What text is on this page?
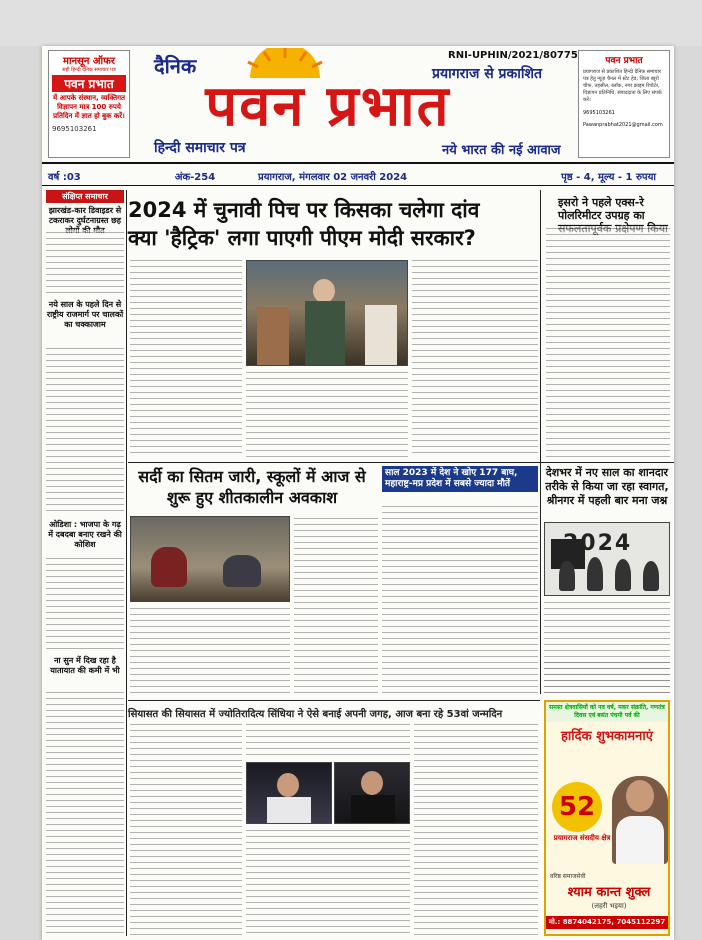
मानसून ऑफर
सही हिन्दी दैनिक समाचार पत्र
पवन प्रभात
में आपके संस्थान, व्यक्तिगत विज्ञापन मात्र 100 रुपये प्रतिदिन में ज्ञात हो बुक करें।
9695103261
दैनिक
पवन प्रभात
हिन्दी समाचार पत्र
RNI-UPHIN/2021/80775
प्रयागराज से प्रकाशित
नये भारत की नई आवाज
पवन प्रभात
प्रयागराज से प्रकाशित हिन्दी दैनिक समाचार पत्र हेतु न्यूज़ चैनल में स्टेट हेड, जिला ब्यूरो चीफ, तहसील, ब्लॉक, नगर क्राइम रिपोर्टर, विज्ञापन प्रतिनिधि, संवाददाता के लिए संपर्क करें।
9695103261
Pawanprabhat2021@gmail.com
वर्ष :03	अंक-254	प्रयागराज, मंगलवार 02 जनवरी 2024	पृष्ठ - 4, मूल्य - 1 रुपया
संक्षिप्त समाचार
झारखंड-कार डिवाइडर से टकराकर दुर्घटनाग्रस्त छह
नये साल के पहले दिन से राष्ट्रीय राजमार्ग पर चालकों का चक्काजाम
ओडिशा : भाजपा के गढ़ में दबदबा बनाए रखने की कोशिश
ना सुन में दिख रहा है यातायात की कमी में भी
2024 में चुनावी पिच पर किसका चलेगा दांव
क्या 'हैट्रिक' लगा पाएगी पीएम मोदी सरकार?
इसरो ने पहले एक्स-रे पोलरिमीटर उपग्रह का
सर्दी का सितम जारी, स्कूलों में आज से शुरू हुए शीतकालीन अवकाश
साल 2023 में देश ने खोए 177 बाघ, महाराष्ट्र-मप्र प्रदेश में सबसे ज्यादा मौतें
देशभर में नए साल का शानदार तरीके से किया जा रहा स्वागत, श्रीनगर में पहली बार मना जश्न
2024
सियासत की सियासत में ज्योतिरादित्य सिंधिया ने ऐसे बनाई अपनी जगह, आज बना रहे 53वां जन्मदिन
समस्त क्षेत्रवासियों को नव वर्ष, मकर संक्रांति, गणतंत्र दिवस एवं बसंत पंचमी पर्व की
हार्दिक शुभकामनाएं
52
प्रयागराज संसदीय क्षेत्र
वरिष्ठ समाजसेवी
श्याम कान्त शुक्ल
(लहरी भइया)
मो.: 8874042175, 7045112297
